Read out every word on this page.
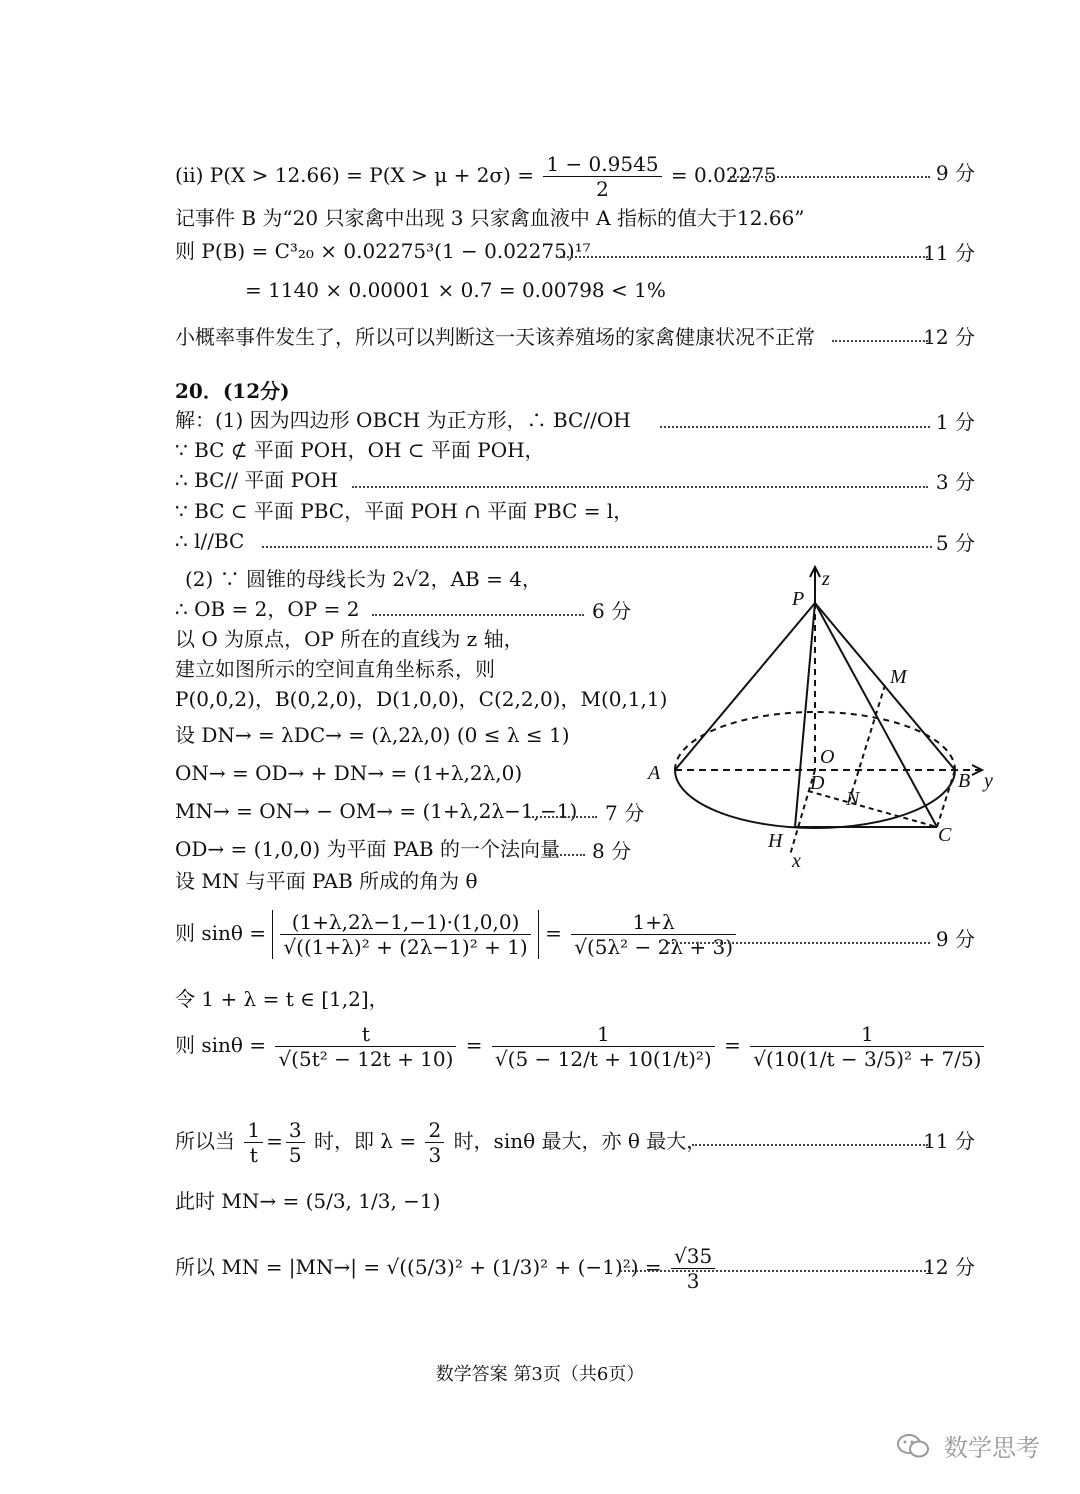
(ii) $P(X > 12.66) = P(X > \mu + 2\sigma) = \frac{1 - 0.9545}{2} = 0.02275$	9 分
记事件 B 为“20 只家禽中出现 3 只家禽血液中 A 指标的值大于12.66”
则 P(B) = C³₂₀ × 0.02275³(1 − 0.02275)¹⁷	11 分
= 1140 × 0.00001 × 0.7 = 0.00798 < 1%
小概率事件发生了，所以可以判断这一天该养殖场的家禽健康状况不正常	12 分
20．(12分)
解：(1) 因为四边形 OBCH 为正方形，∴ BC//OH	1 分
∵ BC ⊄ 平面 POH，OH ⊂ 平面 POH，
∴ BC// 平面 POH	3 分
∵ BC ⊂ 平面 PBC，平面 POH ∩ 平面 PBC = l，
∴ l//BC	5 分
(2) ∵ 圆锥的母线长为 2√2，AB = 4，
∴ OB = 2，OP = 2	6 分
以 O 为原点，OP 所在的直线为 z 轴，
建立如图所示的空间直角坐标系，则
P(0,0,2)，B(0,2,0)，D(1,0,0)，C(2,2,0)，M(0,1,1)
设 DN→ = λDC→ = (λ,2λ,0) (0 ≤ λ ≤ 1)
ON→ = OD→ + DN→ = (1+λ,2λ,0)
MN→ = ON→ − OM→ = (1+λ,2λ−1,−1) 7 分
OD→ = (1,0,0) 为平面 PAB 的一个法向量 8 分
设 MN 与平面 PAB 所成的角为 θ
则 $\sin\theta = \frac{(1+\lambda,2\lambda-1,-1)\cdot(1,0,0)}{\text{√((1+λ)² + (2λ−1)² + 1)}} = \frac{1+\lambda}{\text{√(5λ² − 2λ + 3)}}$	9 分
令 1 + λ = t ∈ [1,2]，
则 $\sin\theta = \frac{t}{\text{√(5t² − 12t + 10)}} = \frac{1}{\text{√(5 − 12/t + 10(1/t)²)}} = \frac{1}{\text{√(10(1/t − 3/5)² + 7/5)}}$
所以当 $\frac{1}{t} = \frac{3}{5}$ 时，即 $\lambda = \frac{2}{3}$ 时，sinθ 最大，亦 θ 最大，	11 分
此时 MN→ = (5/3, 1/3, −1)
所以 MN = $|MN\to| = √((5/3)^2 + (1/3)^2 + (-1)^2) = \frac{√35}{3}$	12 分
P
z
M
A
O
B y
D
N
H	C
x
数学答案 第3页（共6页）
数学思考
